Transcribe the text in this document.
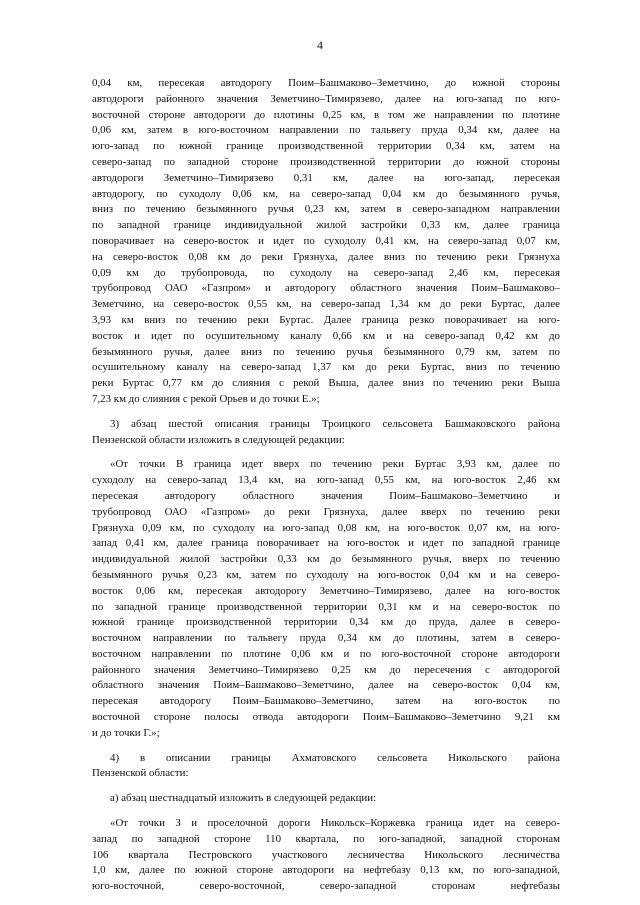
4
0,04 км, пересекая автодорогу Поим–Башмаково–Земетчино, до южной стороны
автодороги районного значения Земетчино–Тимирязево, далее на юго-запад по юго-
восточной стороне автодороги до плотины 0,25 км, в том же направлении по плотине
0,06 км, затем в юго-восточном направлении по тальвегу пруда 0,34 км, далее на
юго-запад по южной границе производственной территории 0,34 км, затем на
северо-запад по западной стороне производственной территории до южной стороны
автодороги Земетчино–Тимирязево 0,31 км, далее на юго-запад, пересекая
автодорогу, по суходолу 0,06 км, на северо-запад 0,04 км до безымянного ручья,
вниз по течению безымянного ручья 0,23 км, затем в северо-западном направлении
по западной границе индивидуальной жилой застройки 0,33 км, далее граница
поворачивает на северо-восток и идет по суходолу 0,41 км, на северо-запад 0,07 км,
на северо-восток 0,08 км до реки Грязнуха, далее вниз по течению реки Грязнуха
0,09 км до трубопровода, по суходолу на северо-запад 2,46 км, пересекая
трубопровод ОАО «Газпром» и автодорогу областного значения Поим–Башмаково–
Земетчино, на северо-восток 0,55 км, на северо-запад 1,34 км до реки Буртас, далее
3,93 км вниз по течению реки Буртас. Далее граница резко поворачивает на юго-
восток и идет по осушительному каналу 0,66 км и на северо-запад 0,42 км до
безымянного ручья, далее вниз по течению ручья безымянного 0,79 км, затем по
осушительному каналу на северо-запад 1,37 км до реки Буртас, вниз по течению
реки Буртас 0,77 км до слияния с рекой Выша, далее вниз по течению реки Выша
7,23 км до слияния с рекой Орьев и до точки Е.»;
3) абзац шестой описания границы Троицкого сельсовета Башмаковского района
Пензенской области изложить в следующей редакции:
«От точки В граница идет вверх по течению реки Буртас 3,93 км, далее по
суходолу на северо-запад 13,4 км, на юго-запад 0,55 км, на юго-восток 2,46 км
пересекая автодорогу областного значения Поим–Башмаково–Земетчино и
трубопровод ОАО «Газпром» до реки Грязнуха, далее вверх по течению реки
Грязнуха 0,09 км, по суходолу на юго-запад 0,08 км, на юго-восток 0,07 км, на юго-
запад 0,41 км, далее граница поворачивает на юго-восток и идет по западной границе
индивидуальной жилой застройки 0,33 км до безымянного ручья, вверх по течению
безымянного ручья 0,23 км, затем по суходолу на юго-восток 0,04 км и на северо-
восток 0,06 км, пересекая автодорогу Земетчино–Тимирязево, далее на юго-восток
по западной границе производственной территории 0,31 км и на северо-восток по
южной границе производственной территории 0,34 км до пруда, далее в северо-
восточном направлении по тальвегу пруда 0,34 км до плотины, затем в северо-
восточном направлении по плотине 0,06 км и по юго-восточной стороне автодороги
районного значения Земетчино–Тимирязево 0,25 км до пересечения с автодорогой
областного значения Поим–Башмаково–Земетчино, далее на северо-восток 0,04 км,
пересекая автодорогу Поим–Башмаково–Земетчино, затем на юго-восток по
восточной стороне полосы отвода автодороги Поим–Башмаково–Земетчино 9,21 км
и до точки Г.»;
4) в описании границы Ахматовского сельсовета Никольского района
Пензенской области:
а) абзац шестнадцатый изложить в следующей редакции:
«От точки З и проселочной дороги Никольск–Коржевка граница идет на северо-
запад по западной стороне 110 квартала, по юго-западной, западной сторонам
106 квартала Пестровского участкового лесничества Никольского лесничества
1,0 км, далее по южной стороне автодороги на нефтебазу 0,13 км, по юго-западной,
юго-восточной, северо-восточной, северо-западной сторонам нефтебазы
